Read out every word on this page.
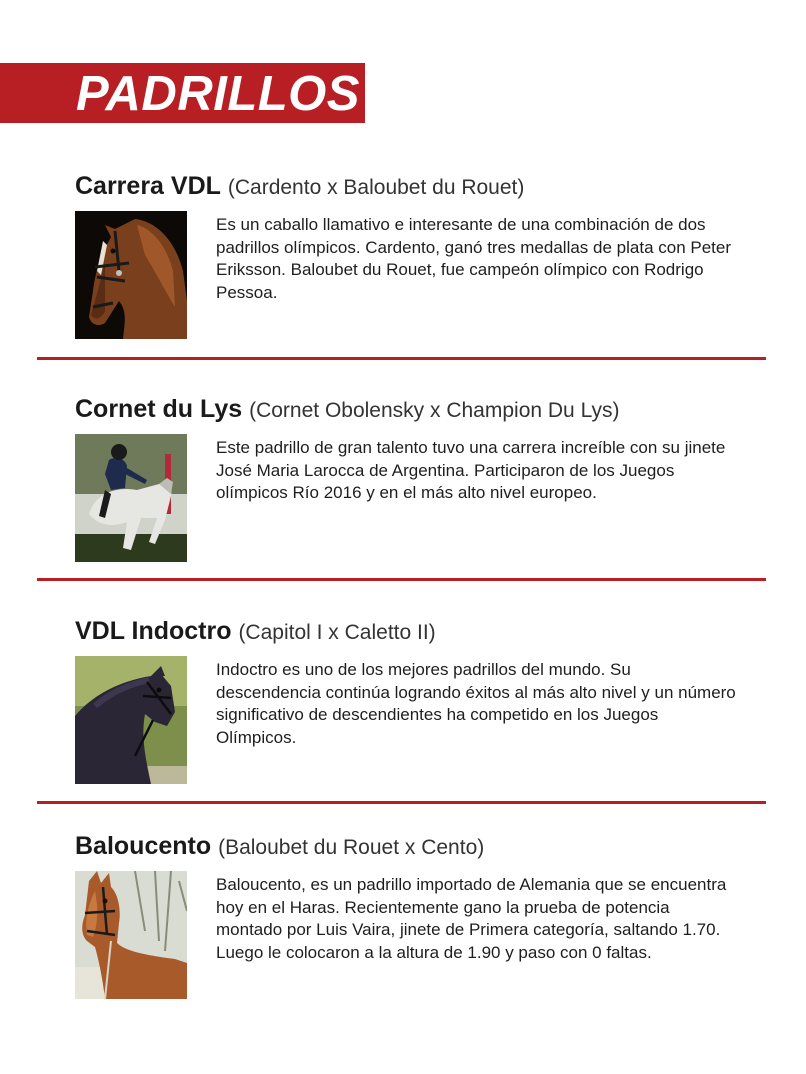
PADRILLOS
Carrera VDL (Cardento x Baloubet du Rouet)

Es un caballo llamativo e interesante de una combinación de dos padrillos olímpicos. Cardento, ganó tres medallas de plata con Peter Eriksson. Baloubet du Rouet, fue campeón olímpico con Rodrigo Pessoa.

Cornet du Lys (Cornet Obolensky x Champion Du Lys)

Este padrillo de gran talento tuvo una carrera increíble con su jinete José Maria Larocca de Argentina. Participaron de los Juegos olímpicos Río 2016 y en el más alto nivel europeo.

VDL Indoctro (Capitol I x Caletto II)

Indoctro es uno de los mejores padrillos del mundo. Su descendencia continúa logrando éxitos al más alto nivel y un número significativo de descendientes ha competido en los Juegos Olímpicos.

Baloucento (Baloubet du Rouet x Cento)

Baloucento, es un padrillo importado de Alemania que se encuentra hoy en el Haras. Recientemente gano la prueba de potencia montado por Luis Vaira, jinete de Primera categoría, saltando 1.70. Luego le colocaron a la altura de 1.90 y paso con 0 faltas.
